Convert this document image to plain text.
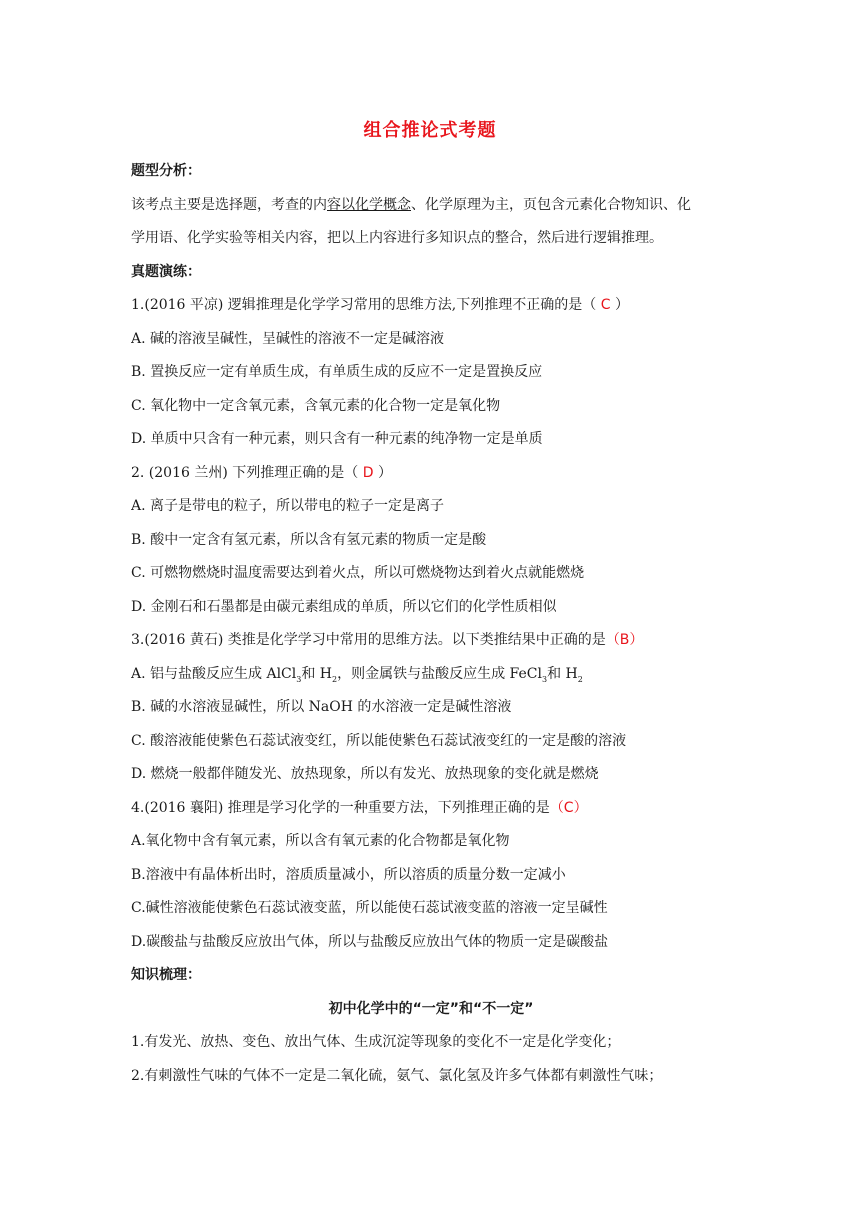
组合推论式考题
题型分析：
该考点主要是选择题，考查的内容以化学概念、化学原理为主，页包含元素化合物知识、化
学用语、化学实验等相关内容，把以上内容进行多知识点的整合，然后进行逻辑推理。
真题演练：
1.(2016 平凉) 逻辑推理是化学学习常用的思维方法,下列推理不正确的是（ C ）
A. 碱的溶液呈碱性，呈碱性的溶液不一定是碱溶液
B. 置换反应一定有单质生成，有单质生成的反应不一定是置换反应
C. 氧化物中一定含氧元素，含氧元素的化合物一定是氧化物
D. 单质中只含有一种元素，则只含有一种元素的纯净物一定是单质
2. (2016 兰州) 下列推理正确的是（ D ）
A. 离子是带电的粒子，所以带电的粒子一定是离子
B. 酸中一定含有氢元素，所以含有氢元素的物质一定是酸
C. 可燃物燃烧时温度需要达到着火点，所以可燃烧物达到着火点就能燃烧
D. 金刚石和石墨都是由碳元素组成的单质，所以它们的化学性质相似
3.(2016 黄石) 类推是化学学习中常用的思维方法。以下类推结果中正确的是（B）
A. 铝与盐酸反应生成 AlCl$_3$和 $H_2$，则金属铁与盐酸反应生成 FeCl$_3$和 $H_2$
B. 碱的水溶液显碱性，所以 NaOH 的水溶液一定是碱性溶液
C. 酸溶液能使紫色石蕊试液变红，所以能使紫色石蕊试液变红的一定是酸的溶液
D. 燃烧一般都伴随发光、放热现象，所以有发光、放热现象的变化就是燃烧
4.(2016 襄阳) 推理是学习化学的一种重要方法，下列推理正确的是（C）
A.氧化物中含有氧元素，所以含有氧元素的化合物都是氧化物
B.溶液中有晶体析出时，溶质质量减小，所以溶质的质量分数一定减小
C.碱性溶液能使紫色石蕊试液变蓝，所以能使石蕊试液变蓝的溶液一定呈碱性
D.碳酸盐与盐酸反应放出气体，所以与盐酸反应放出气体的物质一定是碳酸盐
知识梳理：
初中化学中的“一定”和“不一定”
1.有发光、放热、变色、放出气体、生成沉淀等现象的变化不一定是化学变化；
2.有刺激性气味的气体不一定是二氧化硫，氨气、氯化氢及许多气体都有刺激性气味；
